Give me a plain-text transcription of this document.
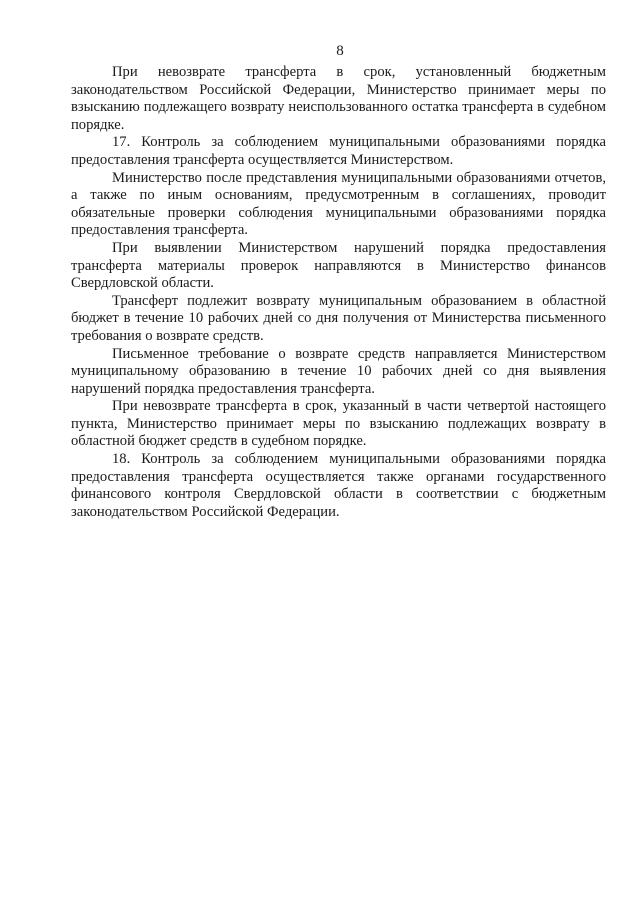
8

При невозврате трансферта в срок, установленный бюджетным законодательством Российской Федерации, Министерство принимает меры по взысканию подлежащего возврату неиспользованного остатка трансферта в судебном порядке.

17. Контроль за соблюдением муниципальными образованиями порядка предоставления трансферта осуществляется Министерством.

Министерство после представления муниципальными образованиями отчетов, а также по иным основаниям, предусмотренным в соглашениях, проводит обязательные проверки соблюдения муниципальными образованиями порядка предоставления трансферта.

При выявлении Министерством нарушений порядка предоставления трансферта материалы проверок направляются в Министерство финансов Свердловской области.

Трансферт подлежит возврату муниципальным образованием в областной бюджет в течение 10 рабочих дней со дня получения от Министерства письменного требования о возврате средств.

Письменное требование о возврате средств направляется Министерством муниципальному образованию в течение 10 рабочих дней со дня выявления нарушений порядка предоставления трансферта.

При невозврате трансферта в срок, указанный в части четвертой настоящего пункта, Министерство принимает меры по взысканию подлежащих возврату в областной бюджет средств в судебном порядке.

18. Контроль за соблюдением муниципальными образованиями порядка предоставления трансферта осуществляется также органами государственного финансового контроля Свердловской области в соответствии с бюджетным законодательством Российской Федерации.
